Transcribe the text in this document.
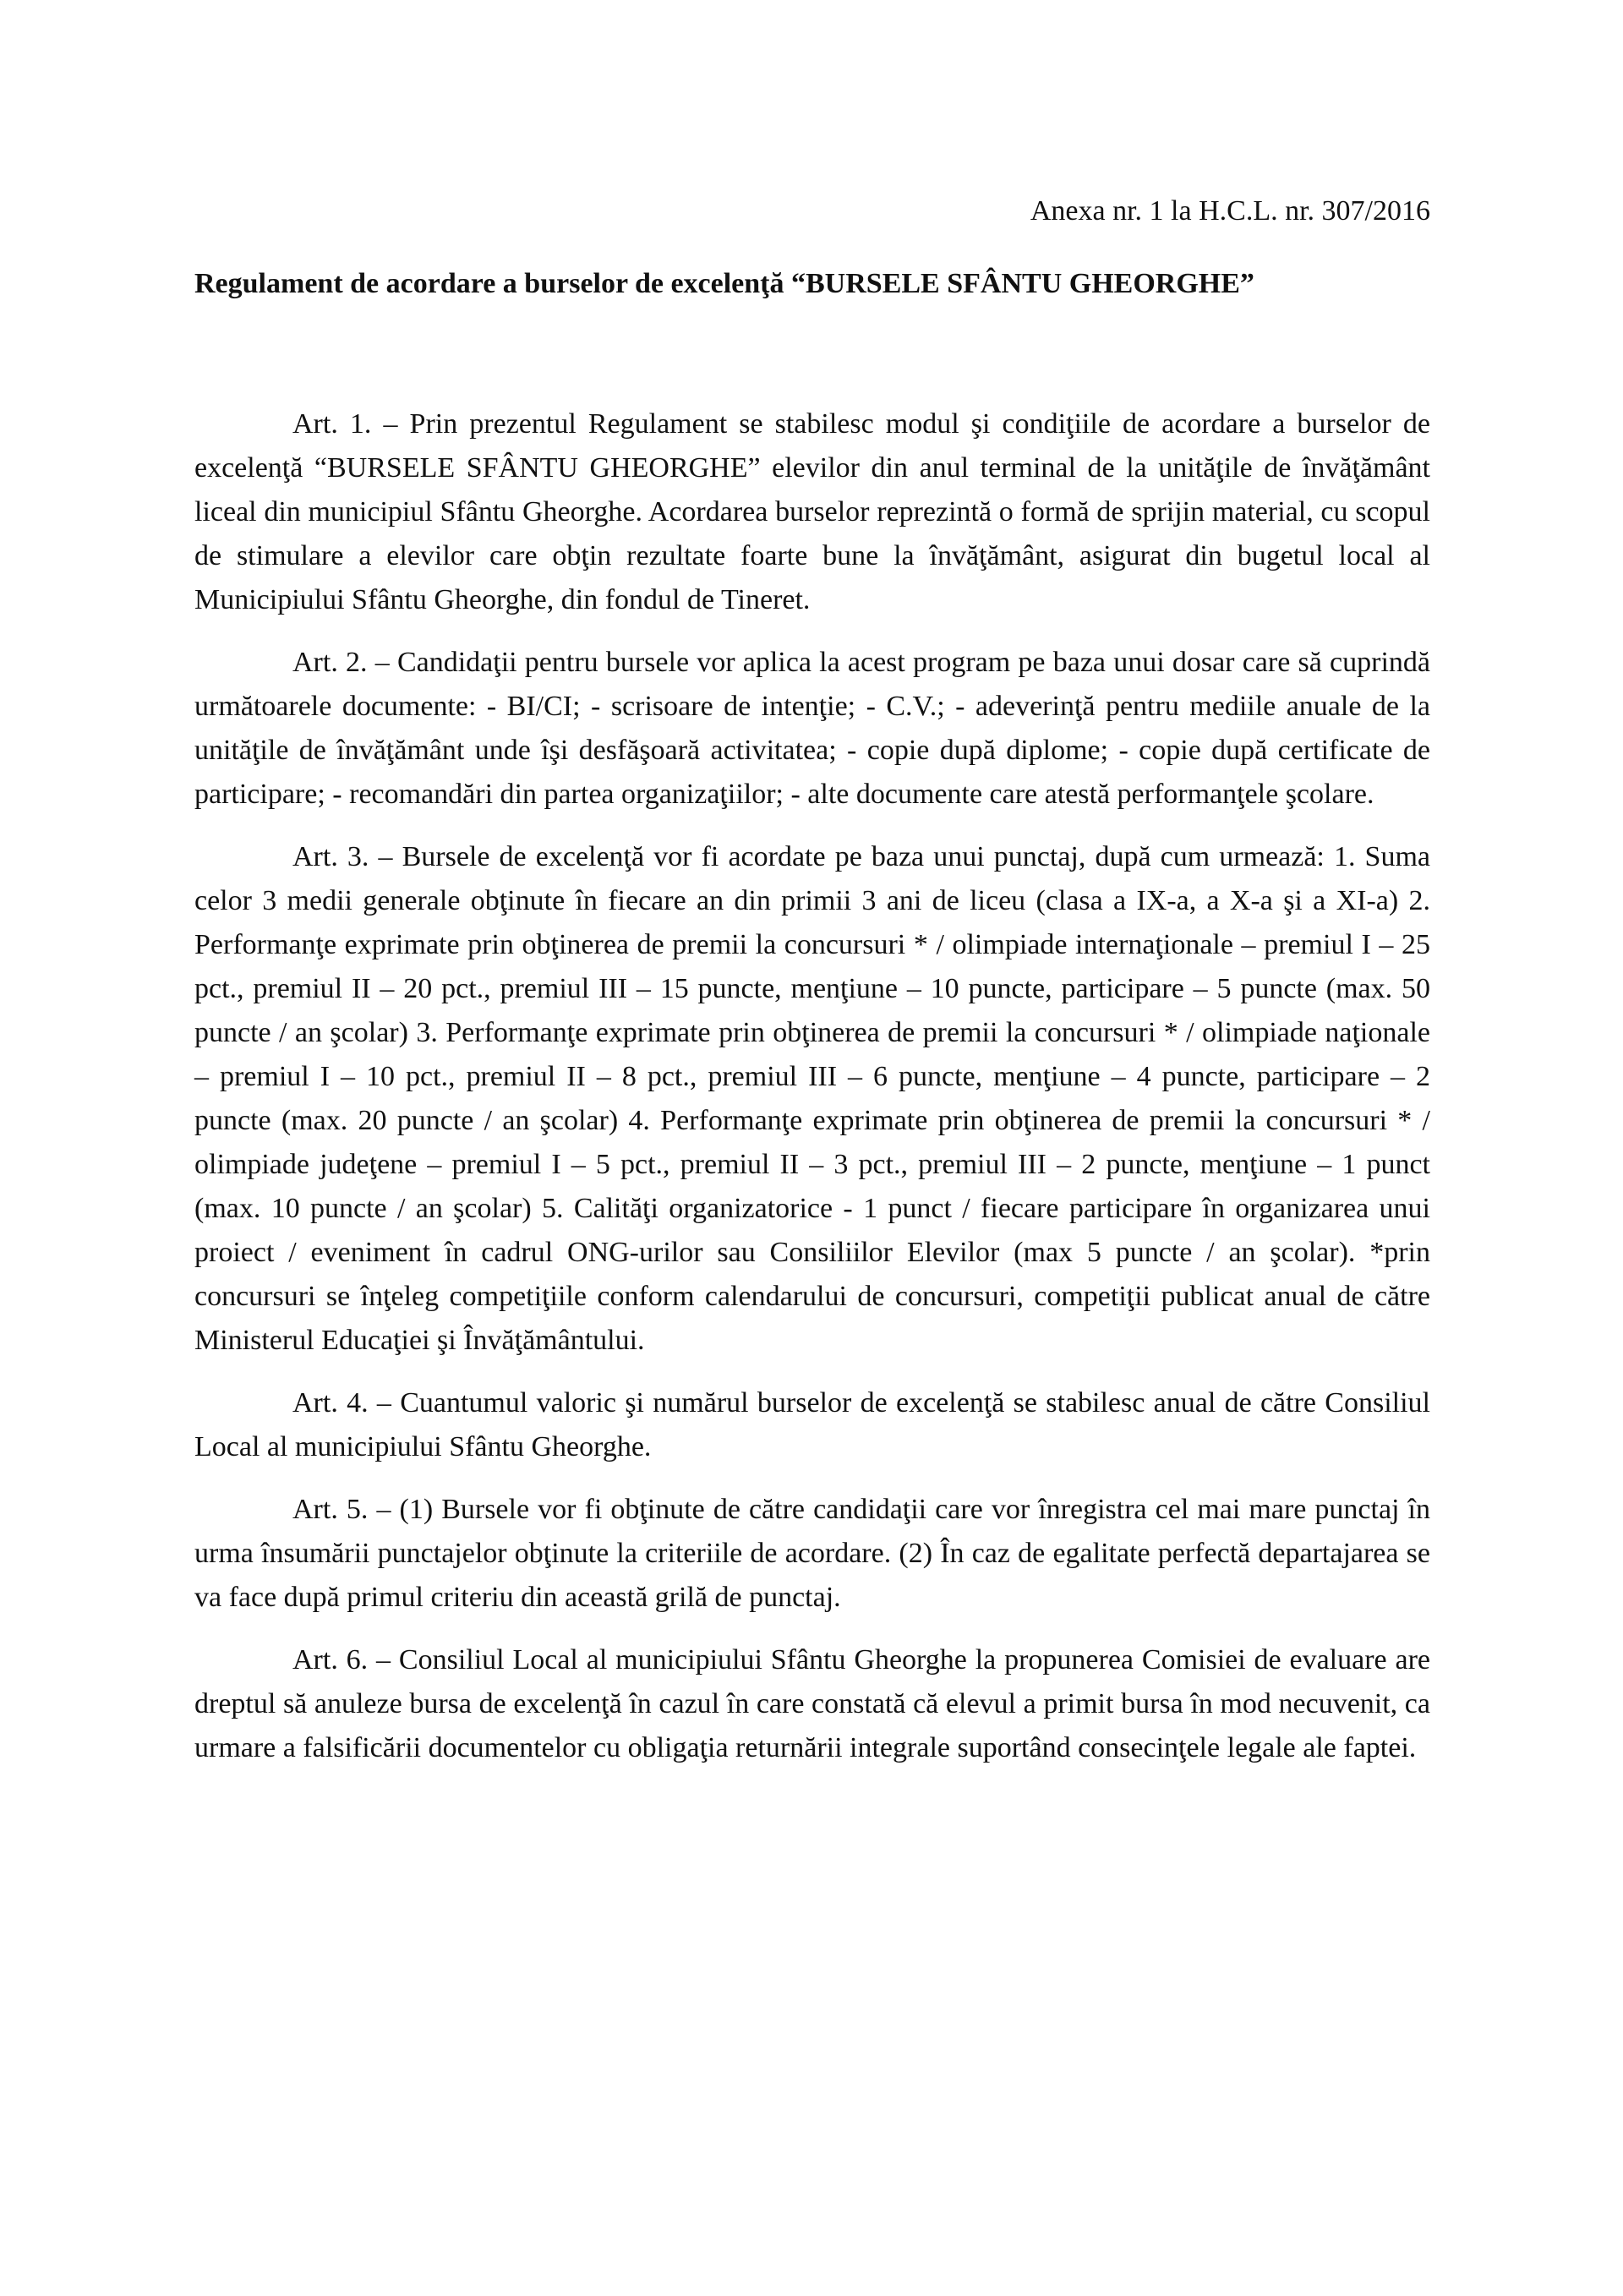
Anexa nr. 1 la H.C.L. nr. 307/2016
Regulament de acordare a burselor de excelenţă “BURSELE SFÂNTU GHEORGHE”

Art. 1. – Prin prezentul Regulament se stabilesc modul şi condiţiile de acordare a burselor de excelenţă “BURSELE SFÂNTU GHEORGHE” elevilor din anul terminal de la unităţile de învăţământ liceal din municipiul Sfântu Gheorghe. Acordarea burselor reprezintă o formă de sprijin material, cu scopul de stimulare a elevilor care obţin rezultate foarte bune la învăţământ, asigurat din bugetul local al Municipiului Sfântu Gheorghe, din fondul de Tineret.

Art. 2. – Candidaţii pentru bursele vor aplica la acest program pe baza unui dosar care să cuprindă următoarele documente: - BI/CI; - scrisoare de intenţie; - C.V.; - adeverinţă pentru mediile anuale de la unităţile de învăţământ unde îşi desfăşoară activitatea; - copie după diplome; - copie după certificate de participare; - recomandări din partea organizaţiilor; - alte documente care atestă performanţele şcolare.

Art. 3. – Bursele de excelenţă vor fi acordate pe baza unui punctaj, după cum urmează: 1. Suma celor 3 medii generale obţinute în fiecare an din primii 3 ani de liceu (clasa a IX-a, a X-a şi a XI-a) 2. Performanţe exprimate prin obţinerea de premii la concursuri * / olimpiade internaţionale – premiul I – 25 pct., premiul II – 20 pct., premiul III – 15 puncte, menţiune – 10 puncte, participare – 5 puncte (max. 50 puncte / an şcolar) 3. Performanţe exprimate prin obţinerea de premii la concursuri * / olimpiade naţionale – premiul I – 10 pct., premiul II – 8 pct., premiul III – 6 puncte, menţiune – 4 puncte, participare – 2 puncte (max. 20 puncte / an şcolar) 4. Performanţe exprimate prin obţinerea de premii la concursuri * / olimpiade judeţene – premiul I – 5 pct., premiul II – 3 pct., premiul III – 2 puncte, menţiune – 1 punct (max. 10 puncte / an şcolar) 5. Calităţi organizatorice - 1 punct / fiecare participare în organizarea unui proiect / eveniment în cadrul ONG-urilor sau Consiliilor Elevilor (max 5 puncte / an şcolar). *prin concursuri se înţeleg competiţiile conform calendarului de concursuri, competiţii publicat anual de către Ministerul Educaţiei şi Învăţământului.

Art. 4. – Cuantumul valoric şi numărul burselor de excelenţă se stabilesc anual de către Consiliul Local al municipiului Sfântu Gheorghe.

Art. 5. – (1) Bursele vor fi obţinute de către candidaţii care vor înregistra cel mai mare punctaj în urma însumării punctajelor obţinute la criteriile de acordare. (2) În caz de egalitate perfectă departajarea se va face după primul criteriu din această grilă de punctaj.

Art. 6. – Consiliul Local al municipiului Sfântu Gheorghe la propunerea Comisiei de evaluare are dreptul să anuleze bursa de excelenţă în cazul în care constată că elevul a primit bursa în mod necuvenit, ca urmare a falsificării documentelor cu obligaţia returnării integrale suportând consecinţele legale ale faptei.
